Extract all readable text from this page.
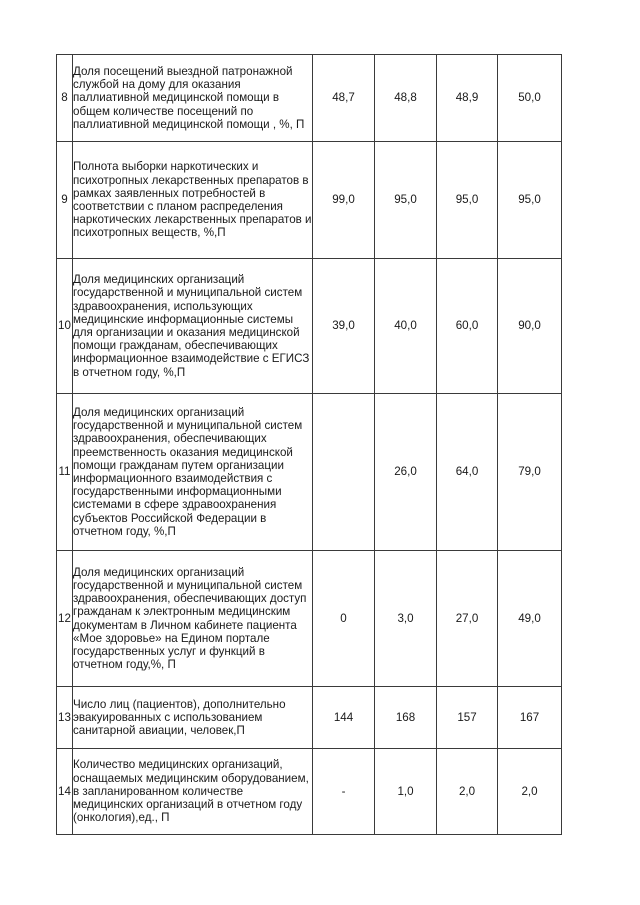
8	Доля посещений выездной патронажной службой на дому для оказания паллиативной медицинской помощи в общем количестве посещений по паллиативной медицинской помощи , %, П	48,7	48,8	48,9	50,0
9	Полнота выборки наркотических и психотропных лекарственных препаратов в рамках заявленных потребностей в соответствии с планом распределения наркотических лекарственных препаратов и психотропных веществ, %,П	99,0	95,0	95,0	95,0
10	Доля медицинских организаций государственной и муниципальной систем здравоохранения, использующих медицинские информационные системы для организации и оказания медицинской помощи гражданам, обеспечивающих информационное взаимодействие с ЕГИСЗ в отчетном году, %,П	39,0	40,0	60,0	90,0
11	Доля медицинских организаций государственной и муниципальной систем здравоохранения, обеспечивающих преемственность оказания медицинской помощи гражданам путем организации информационного взаимодействия с государственными информационными системами в сфере здравоохранения субъектов Российской Федерации в отчетном году, %,П		26,0	64,0	79,0
12	Доля медицинских организаций государственной и муниципальной систем здравоохранения, обеспечивающих доступ гражданам к электронным медицинским документам в Личном кабинете пациента «Мое здоровье» на Едином портале государственных услуг и функций в отчетном году,%, П	0	3,0	27,0	49,0
13	Число лиц (пациентов), дополнительно эвакуированных с использованием санитарной авиации, человек,П	144	168	157	167
14	Количество медицинских организаций, оснащаемых медицинским оборудованием, в запланированном количестве медицинских организаций в отчетном году (онкология),ед., П	-	1,0	2,0	2,0
